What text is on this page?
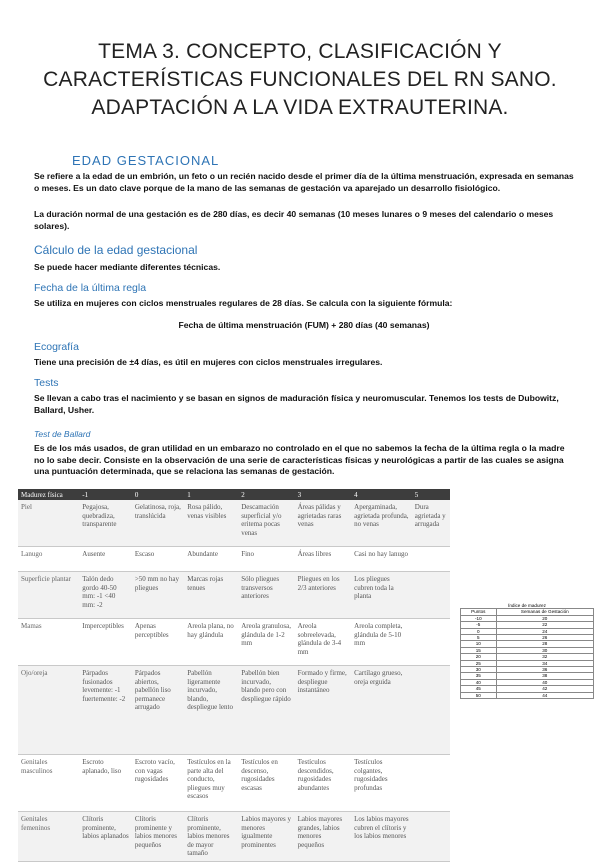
TEMA 3. CONCEPTO, CLASIFICACIÓN Y
CARACTERÍSTICAS FUNCIONALES DEL RN SANO.
ADAPTACIÓN A LA VIDA EXTRAUTERINA.
EDAD GESTACIONAL
Se refiere a la edad de un embrión, un feto o un recién nacido desde el primer día de la última menstruación, expresada en semanas o meses. Es un dato clave porque de la mano de las semanas de gestación va aparejado un desarrollo fisiológico.
La duración normal de una gestación es de 280 días, es decir 40 semanas (10 meses lunares o 9 meses del calendario o meses solares).
Cálculo de la edad gestacional
Se puede hacer mediante diferentes técnicas.
Fecha de la última regla
Se utiliza en mujeres con ciclos menstruales regulares de 28 días. Se calcula con la siguiente fórmula:
Fecha de última menstruación (FUM) + 280 días (40 semanas)
Ecografía
Tiene una precisión de ±4 días, es útil en mujeres con ciclos menstruales irregulares.
Tests
Se llevan a cabo tras el nacimiento y se basan en signos de maduración física y neuromuscular. Tenemos los tests de Dubowitz, Ballard, Usher.
Test de Ballard
Es de los más usados, de gran utilidad en un embarazo no controlado en el que no sabemos la fecha de la última regla o la madre no lo sabe decir. Consiste en la observación de una serie de características físicas y neurológicas a partir de las cuales se asigna una puntuación determinada, que se relaciona las semanas de gestación.
Madurez física	-1	0	1	2	3	4	5
Piel	Pegajosa, quebradiza, transparente	Gelatinosa, roja, translúcida	Rosa pálido, venas visibles	Descamación superficial y/o eritema pocas venas	Áreas pálidas y agrietadas raras venas	Apergaminada, agrietada profunda, no venas	Dura agrietada y arrugada
Lanugo	Ausente	Escaso	Abundante	Fino	Áreas libres	Casi no hay lanugo	
Superficie plantar	Talón dedo gordo 40-50 mm: -1 <40 mm: -2	>50 mm no hay pliegues	Marcas rojas tenues	Sólo pliegues transversos anteriores	Pliegues en los 2/3 anteriores	Los pliegues cubren toda la planta	
Mamas	Imperceptibles	Apenas perceptibles	Areola plana, no hay glándula	Areola granulosa, glándula de 1-2 mm	Areola sobreelevada, glándula de 3-4 mm	Areola completa, glándula de 5-10 mm	
Ojo/oreja	Párpados fusionados levemente: -1 fuertemente: -2	Párpados abiertos, pabellón liso permanece arrugado	Pabellón ligeramente incurvado, blando, despliegue lento	Pabellón bien incurvado, blando pero con despliegue rápido	Formado y firme, despliegue instantáneo	Cartílago grueso, oreja erguida	
Genitales masculinos	Escroto aplanado, liso	Escroto vacío, con vagas rugosidades	Testículos en la parte alta del conducto, pliegues muy escasos	Testículos en descenso, rugosidades escasas	Testículos descendidos, rugosidades abundantes	Testículos colgantes, rugosidades profundas	
Genitales femeninos	Clítoris prominente, labios aplanados	Clítoris prominente y labios menores pequeños	Clítoris prominente, labios menores de mayor tamaño	Labios mayores y menores igualmente prominentes	Labios mayores grandes, labios menores pequeños	Los labios mayores cubren el clítoris y los labios menores	
Índice de madurez	
Puntos	Semanas de Gestación
-10	20
-5	22
0	24
5	26
10	28
15	30
20	32
25	34
30	36
35	38
40	40
45	42
50	44
